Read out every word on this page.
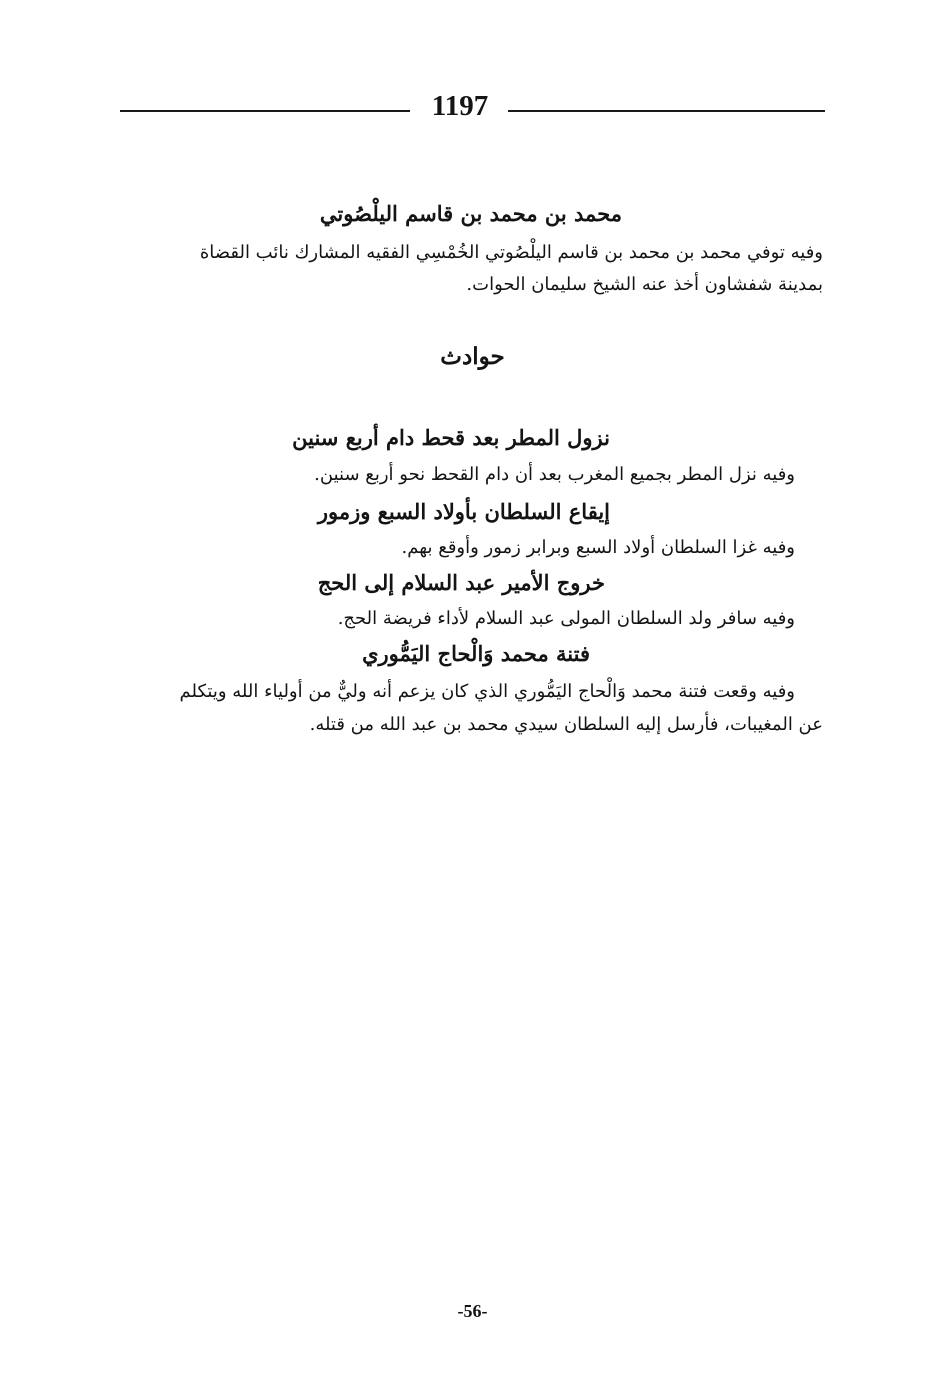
1197
محمد بن محمد بن قاسم اليلْصُوتي
وفيه توفي محمد بن محمد بن قاسم اليلْصُوتي الخُمْسِي الفقيه المشارك نائب القضاة
بمدينة شفشاون أخذ عنه الشيخ سليمان الحوات.
حوادث
نزول المطر بعد قحط دام أربع سنين
وفيه نزل المطر بجميع المغرب بعد أن دام القحط نحو أربع سنين.
إيقاع السلطان بأولاد السبع وزمور
وفيه غزا السلطان أولاد السبع وبرابر زمور وأوقع بهم.
خروج الأمير عبد السلام إلى الحج
وفيه سافر ولد السلطان المولى عبد السلام لأداء فريضة الحج.
فتنة محمد وَالْحاج اليَمُّوري
وفيه وقعت فتنة محمد وَالْحاج اليَمُّوري الذي كان يزعم أنه وليٌّ من أولياء الله ويتكلم
عن المغيبات، فأرسل إليه السلطان سيدي محمد بن عبد الله من قتله.
-56-
